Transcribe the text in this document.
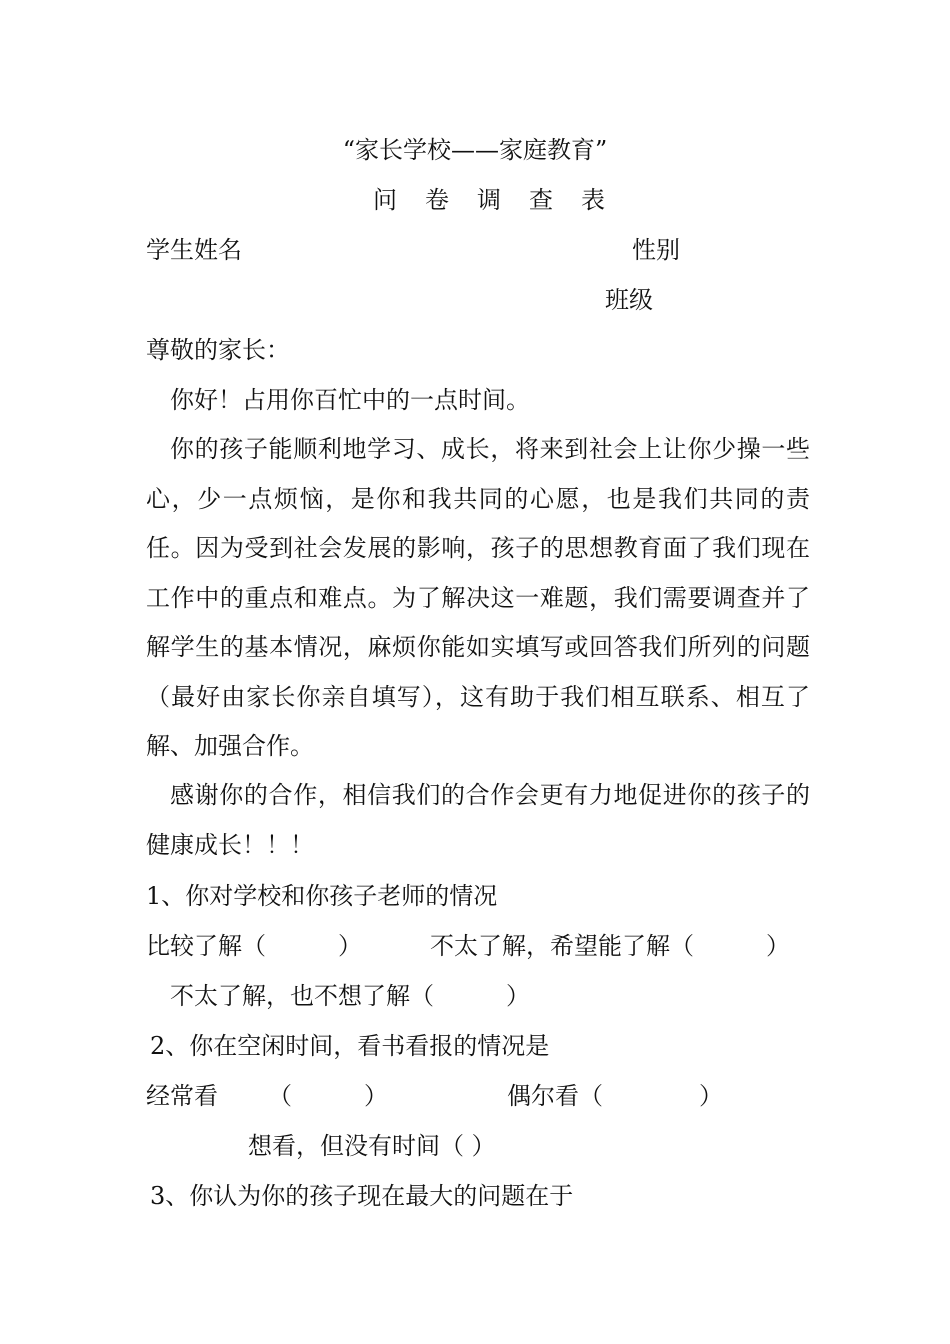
“家长学校——家庭教育”
问卷调查表
学生姓名	性别
班级
尊敬的家长：
你好！占用你百忙中的一点时间。
你的孩子能顺利地学习、成长，将来到社会上让你少操一些心，少一点烦恼，是你和我共同的心愿，也是我们共同的责任。因为受到社会发展的影响，孩子的思想教育面了我们现在工作中的重点和难点。为了解决这一难题，我们需要调查并了解学生的基本情况，麻烦你能如实填写或回答我们所列的问题（最好由家长你亲自填写），这有助于我们相互联系、相互了解、加强合作。
感谢你的合作，相信我们的合作会更有力地促进你的孩子的健康成长！！！
1、你对学校和你孩子老师的情况
比较了解（　　　）	不太了解，希望能了解（　　　）
不太了解，也不想了解（　　　）
2、你在空闲时间，看书看报的情况是
经常看 （　　　）	偶尔看（　　　　）
想看，但没有时间（ ）
3、你认为你的孩子现在最大的问题在于
